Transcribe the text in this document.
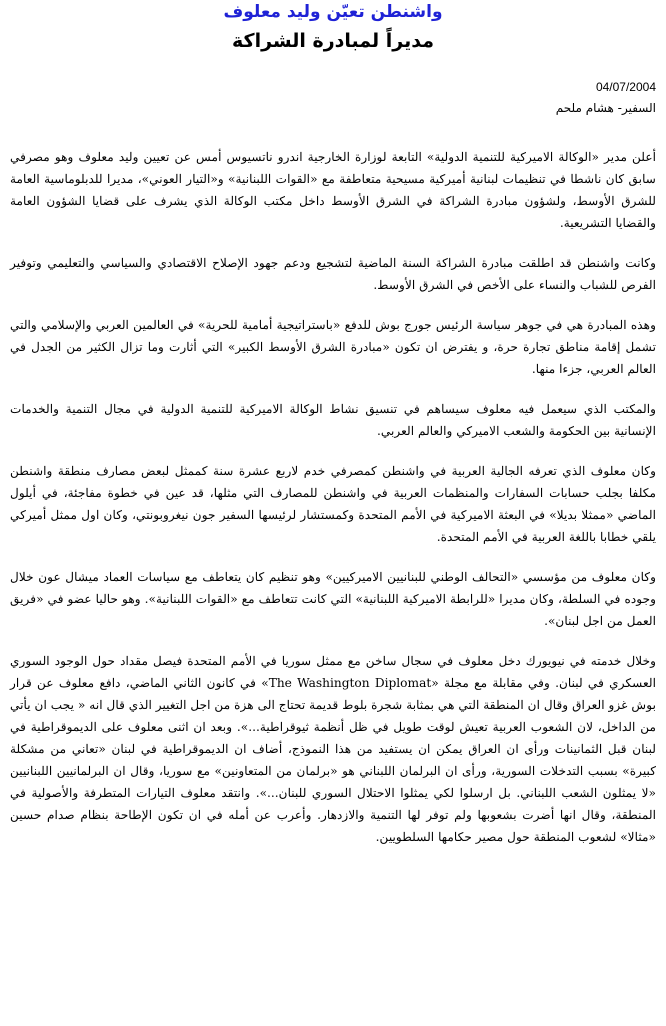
واشنطن تعيّن وليد معلوف
مديراً لمبادرة الشراكة
04/07/2004
السفير- هشام ملحم

أعلن مدير «الوكالة الاميركية للتنمية الدولية» التابعة لوزارة الخارجية اندرو ناتسيوس أمس عن تعيين وليد معلوف وهو مصرفي سابق كان ناشطا في تنظيمات لبنانية أميركية مسيحية متعاطفة مع «القوات اللبنانية» و«التيار العوني»، مديرا للدبلوماسية العامة للشرق الأوسط، ولشؤون مبادرة الشراكة في الشرق الأوسط داخل مكتب الوكالة الذي يشرف على قضايا الشؤون العامة والقضايا التشريعية.

وكانت واشنطن قد اطلقت مبادرة الشراكة السنة الماضية لتشجيع ودعم جهود الإصلاح الاقتصادي والسياسي والتعليمي وتوفير الفرص للشباب والنساء على الأخص في الشرق الأوسط.

وهذه المبادرة هي في جوهر سياسة الرئيس جورج بوش للدفع «باستراتيجية أمامية للحرية» في العالمين العربي والإسلامي والتي تشمل إقامة مناطق تجارة حرة، و يفترض ان تكون «مبادرة الشرق الأوسط الكبير» التي أثارت وما تزال الكثير من الجدل في العالم العربي، جزءا منها.

والمكتب الذي سيعمل فيه معلوف سيساهم في تنسيق نشاط الوكالة الاميركية للتنمية الدولية في مجال التنمية والخدمات الإنسانية بين الحكومة والشعب الاميركي والعالم العربي.

وكان معلوف الذي تعرفه الجالية العربية في واشنطن كمصرفي خدم لاربع عشرة سنة كممثل لبعض مصارف منطقة واشنطن مكلفا بجلب حسابات السفارات والمنظمات العربية في واشنطن للمصارف التي مثلها، قد عين في خطوة مفاجئة، في أيلول الماضي «ممثلا بديلا» في البعثة الاميركية في الأمم المتحدة وكمستشار لرئيسها السفير جون نيغروبونتي، وكان اول ممثل أميركي يلقي خطابا باللغة العربية في الأمم المتحدة.

وكان معلوف من مؤسسي «التحالف الوطني للبنانيين الاميركيين» وهو تنظيم كان يتعاطف مع سياسات العماد ميشال عون خلال وجوده في السلطة، وكان مديرا «للرابطة الاميركية اللبنانية» التي كانت تتعاطف مع «القوات اللبنانية». وهو حاليا عضو في «فريق العمل من اجل لبنان».

وخلال خدمته في نيويورك دخل معلوف في سجال ساخن مع ممثل سوريا في الأمم المتحدة فيصل مقداد حول الوجود السوري العسكري في لبنان. وفي مقابلة مع مجلة «The Washington Diplomat» في كانون الثاني الماضي، دافع معلوف عن قرار بوش غزو العراق وقال ان المنطقة التي هي بمثابة شجرة بلوط قديمة تحتاج الى هزة من اجل التغيير الذي قال انه « يجب ان يأتي من الداخل، لان الشعوب العربية تعيش لوقت طويل في ظل أنظمة ثيوقراطية...». وبعد ان اثنى معلوف على الديموقراطية في لبنان قبل الثمانينات ورأى ان العراق يمكن ان يستفيد من هذا النموذج، أضاف ان الديموقراطية في لبنان «تعاني من مشكلة كبيرة» بسبب التدخلات السورية، ورأى ان البرلمان اللبناني هو «برلمان من المتعاونين» مع سوريا، وقال ان البرلمانيين اللبنانيين «لا يمثلون الشعب اللبناني. بل ارسلوا لكي يمثلوا الاحتلال السوري للبنان...». وانتقد معلوف التيارات المتطرفة والأصولية في المنطقة، وقال انها أضرت بشعوبها ولم توفر لها التنمية والازدهار. وأعرب عن أمله في ان تكون الإطاحة بنظام صدام حسين «مثالا» لشعوب المنطقة حول مصير حكامها السلطويين.
